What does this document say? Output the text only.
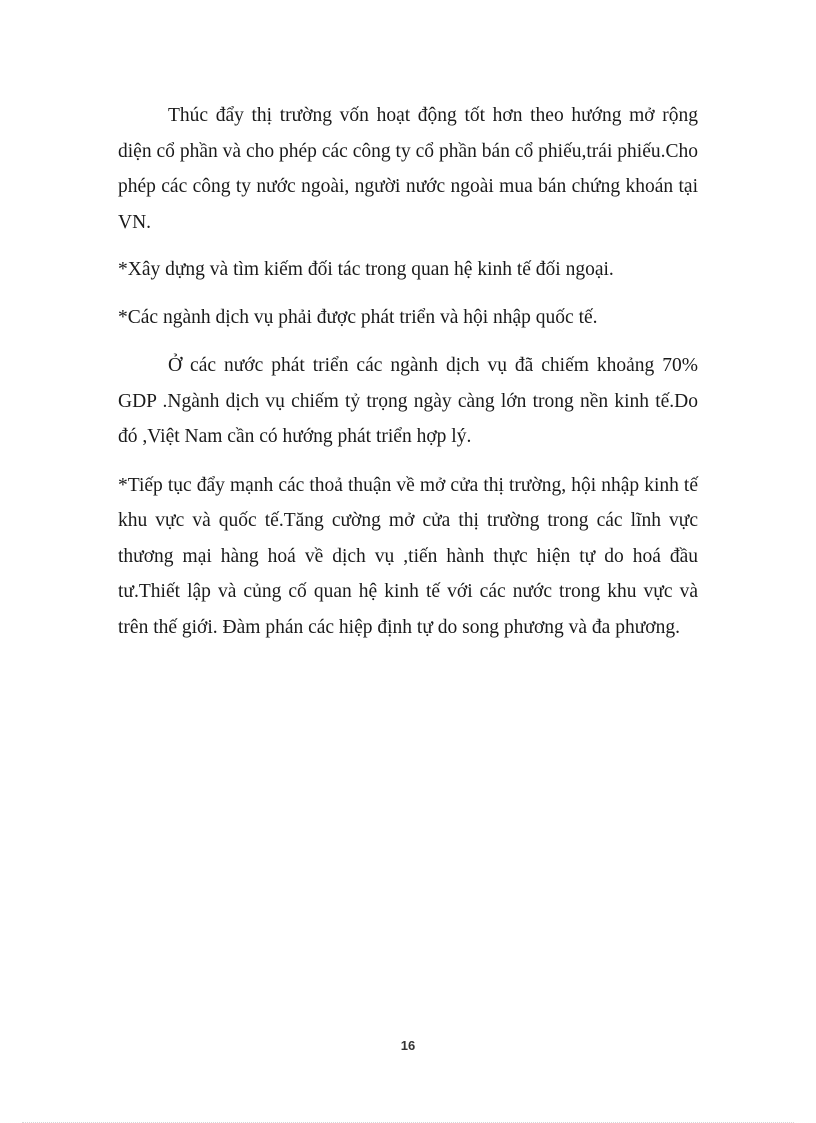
Thúc đẩy thị trường vốn hoạt động tốt hơn theo hướng mở rộng diện cổ phần và cho phép các công ty cổ phần bán cổ phiếu,trái phiếu.Cho phép các công ty nước ngoài, người nước ngoài mua bán chứng khoán tại VN.

*Xây dựng và tìm kiếm đối tác trong quan hệ kinh tế đối ngoại.

*Các ngành dịch vụ phải được phát triển và hội nhập quốc tế.

Ở các nước phát triển các ngành dịch vụ đã chiếm khoảng 70% GDP .Ngành dịch vụ chiếm tỷ trọng ngày càng lớn trong nền kinh tế.Do đó ,Việt Nam cần có hướng phát triển hợp lý.

*Tiếp tục đẩy mạnh các thoả thuận về mở cửa thị trường, hội nhập kinh tế khu vực và quốc tế.Tăng cường mở cửa thị trường trong các lĩnh vực thương mại hàng hoá về dịch vụ ,tiến hành thực hiện tự do hoá đầu tư.Thiết lập và củng cố quan hệ kinh tế với các nước trong khu vực và trên thế giới. Đàm phán các hiệp định tự do song phương và đa phương.

16
